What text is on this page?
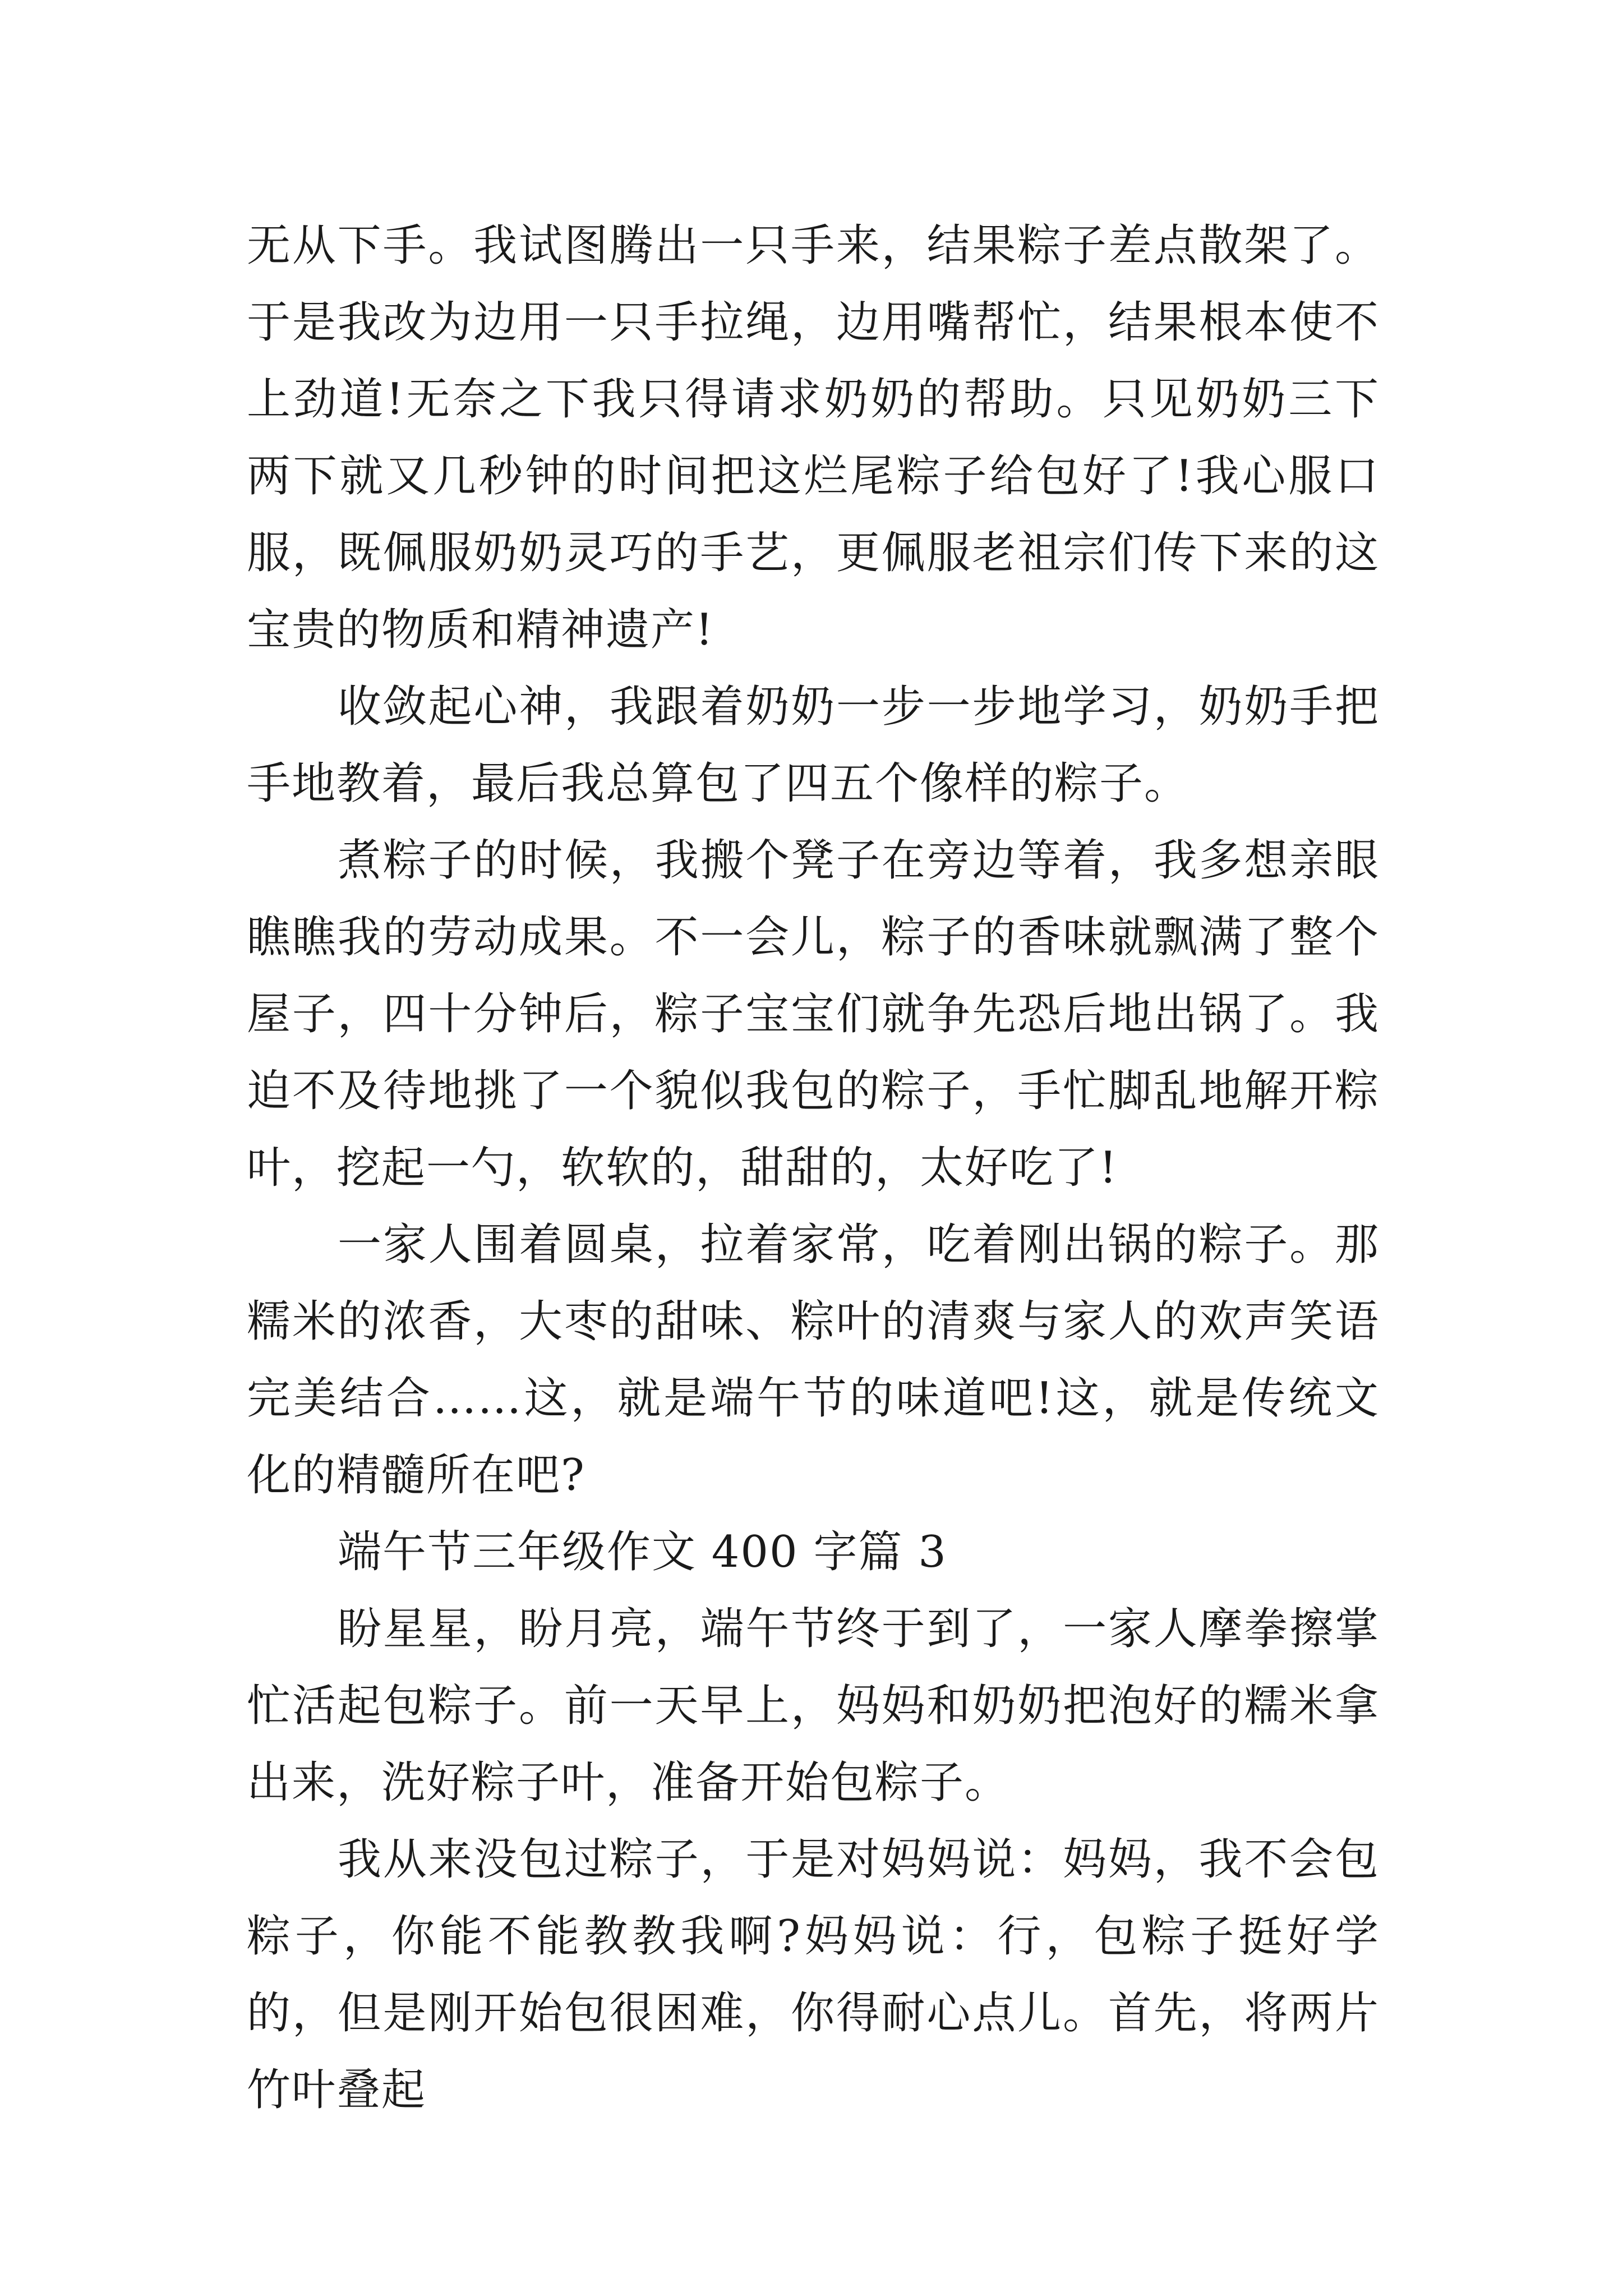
无从下手。我试图腾出一只手来，结果粽子差点散架了。于是我改为边用一只手拉绳，边用嘴帮忙，结果根本使不上劲道!无奈之下我只得请求奶奶的帮助。只见奶奶三下两下就又几秒钟的时间把这烂尾粽子给包好了!我心服口服，既佩服奶奶灵巧的手艺，更佩服老祖宗们传下来的这宝贵的物质和精神遗产!

收敛起心神，我跟着奶奶一步一步地学习，奶奶手把手地教着，最后我总算包了四五个像样的粽子。

煮粽子的时候，我搬个凳子在旁边等着，我多想亲眼瞧瞧我的劳动成果。不一会儿，粽子的香味就飘满了整个屋子，四十分钟后，粽子宝宝们就争先恐后地出锅了。我迫不及待地挑了一个貌似我包的粽子，手忙脚乱地解开粽叶，挖起一勺，软软的，甜甜的，太好吃了!

一家人围着圆桌，拉着家常，吃着刚出锅的粽子。那糯米的浓香，大枣的甜味、粽叶的清爽与家人的欢声笑语完美结合……这，就是端午节的味道吧!这，就是传统文化的精髓所在吧?

端午节三年级作文 400 字篇 3

盼星星，盼月亮，端午节终于到了，一家人摩拳擦掌忙活起包粽子。前一天早上，妈妈和奶奶把泡好的糯米拿出来，洗好粽子叶，准备开始包粽子。

我从来没包过粽子，于是对妈妈说：妈妈，我不会包粽子，你能不能教教我啊?妈妈说：行，包粽子挺好学的，但是刚开始包很困难，你得耐心点儿。首先，将两片竹叶叠起
